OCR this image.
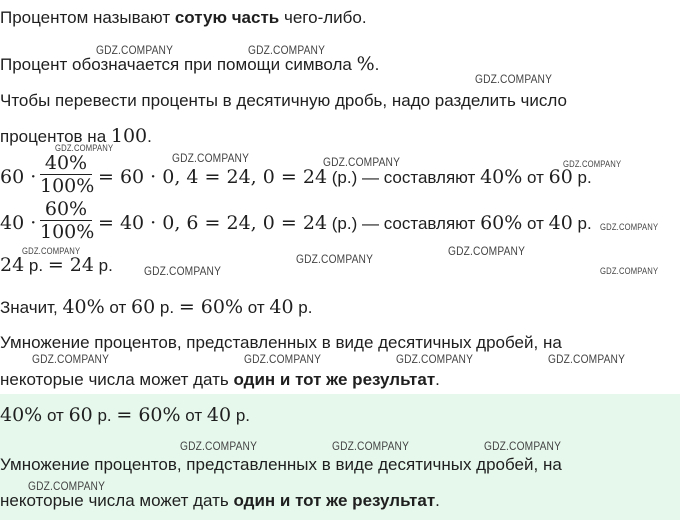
Процентом называют сотую часть чего-либо.
Процент обозначается при помощи символа %.
Чтобы перевести проценты в десятичную дробь, надо разделить число
процентов на 100.
60 ·
40%
100% = 60 · 0, 4 = 24, 0 = 24 (р.) — составляют 40% от 60 р.
40 ·
60%
100% = 40 · 0, 6 = 24, 0 = 24 (р.) — составляют 60% от 40 р.
24 р. = 24 р.
Значит, 40% от 60 р. = 60% от 40 р.
Умножение процентов, представленных в виде десятичных дробей, на
некоторые числа может дать один и тот же результат.
40% от 60 р. = 60% от 40 р.
Умножение процентов, представленных в виде десятичных дробей, на
некоторые числа может дать один и тот же результат.
GDZ.COMPANY	GDZ.COMPANY
GDZ.COMPANY
GDZ.COMPANY
GDZ.COMPANY	GDZ.COMPANY	GDZ.COMPANY
GDZ.COMPANY
GDZ.COMPANY	GDZ.COMPANY
GDZ.COMPANY
GDZ.COMPANY	GDZ.COMPANY
GDZ.COMPANY	GDZ.COMPANY	GDZ.COMPANY	GDZ.COMPANY
GDZ.COMPANY	GDZ.COMPANY	GDZ.COMPANY
GDZ.COMPANY
